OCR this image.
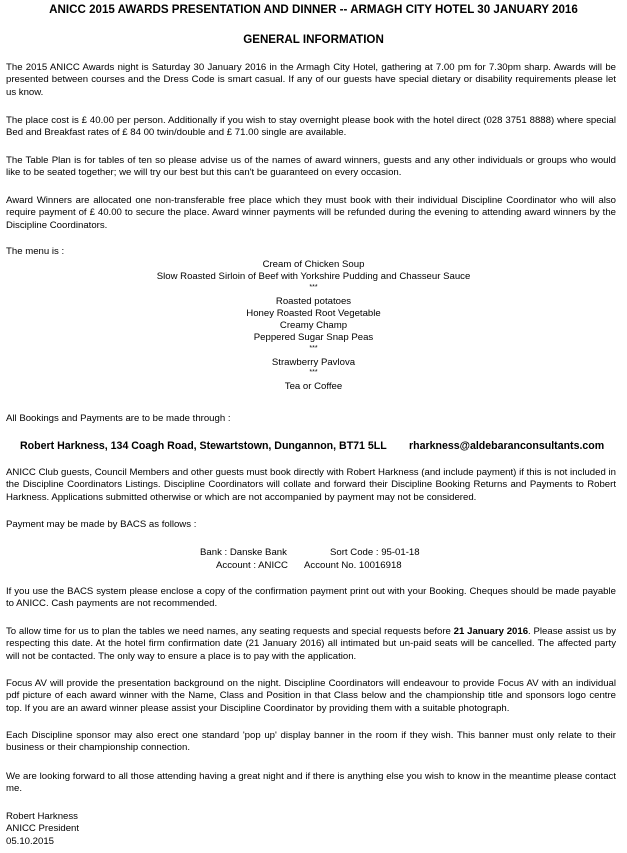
ANICC 2015 AWARDS PRESENTATION AND DINNER -- ARMAGH CITY HOTEL 30 JANUARY 2016
GENERAL INFORMATION

The 2015 ANICC Awards night is Saturday 30 January 2016 in the Armagh City Hotel, gathering at 7.00 pm for 7.30pm sharp. Awards will be presented between courses and the Dress Code is smart casual. If any of our guests have special dietary or disability requirements please let us know.

The place cost is £ 40.00 per person. Additionally if you wish to stay overnight please book with the hotel direct (028 3751 8888) where special Bed and Breakfast rates of £ 84 00 twin/double and £ 71.00 single are available.

The Table Plan is for tables of ten so please advise us of the names of award winners, guests and any other individuals or groups who would like to be seated together; we will try our best but this can't be guaranteed on every occasion.

Award Winners are allocated one non-transferable free place which they must book with their individual Discipline Coordinator who will also require payment of £ 40.00 to secure the place. Award winner payments will be refunded during the evening to attending award winners by the Discipline Coordinators.

The menu is :

Cream of Chicken Soup
Slow Roasted Sirloin of Beef with Yorkshire Pudding and Chasseur Sauce
***
Roasted potatoes
Honey Roasted Root Vegetable
Creamy Champ
Peppered Sugar Snap Peas
***
Strawberry Pavlova
***
Tea or Coffee

All Bookings and Payments are to be made through :

Robert Harkness, 134 Coagh Road, Stewartstown, Dungannon, BT71 5LL rharkness@aldebaranconsultants.com

ANICC Club guests, Council Members and other guests must book directly with Robert Harkness (and include payment) if this is not included in the Discipline Coordinators Listings. Discipline Coordinators will collate and forward their Discipline Booking Returns and Payments to Robert Harkness. Applications submitted otherwise or which are not accompanied by payment may not be considered.

Payment may be made by BACS as follows :

Bank : Danske Bank	Sort Code : 95-01-18
Account : ANICC Account No. 10016918

If you use the BACS system please enclose a copy of the confirmation payment print out with your Booking. Cheques should be made payable to ANICC. Cash payments are not recommended.

To allow time for us to plan the tables we need names, any seating requests and special requests before 21 January 2016. Please assist us by respecting this date. At the hotel firm confirmation date (21 January 2016) all intimated but un-paid seats will be cancelled. The affected party will not be contacted. The only way to ensure a place is to pay with the application.

Focus AV will provide the presentation background on the night. Discipline Coordinators will endeavour to provide Focus AV with an individual pdf picture of each award winner with the Name, Class and Position in that Class below and the championship title and sponsors logo centre top. If you are an award winner please assist your Discipline Coordinator by providing them with a suitable photograph.

Each Discipline sponsor may also erect one standard 'pop up' display banner in the room if they wish. This banner must only relate to their business or their championship connection.

We are looking forward to all those attending having a great night and if there is anything else you wish to know in the meantime please contact me.

Robert Harkness
ANICC President
05.10.2015
